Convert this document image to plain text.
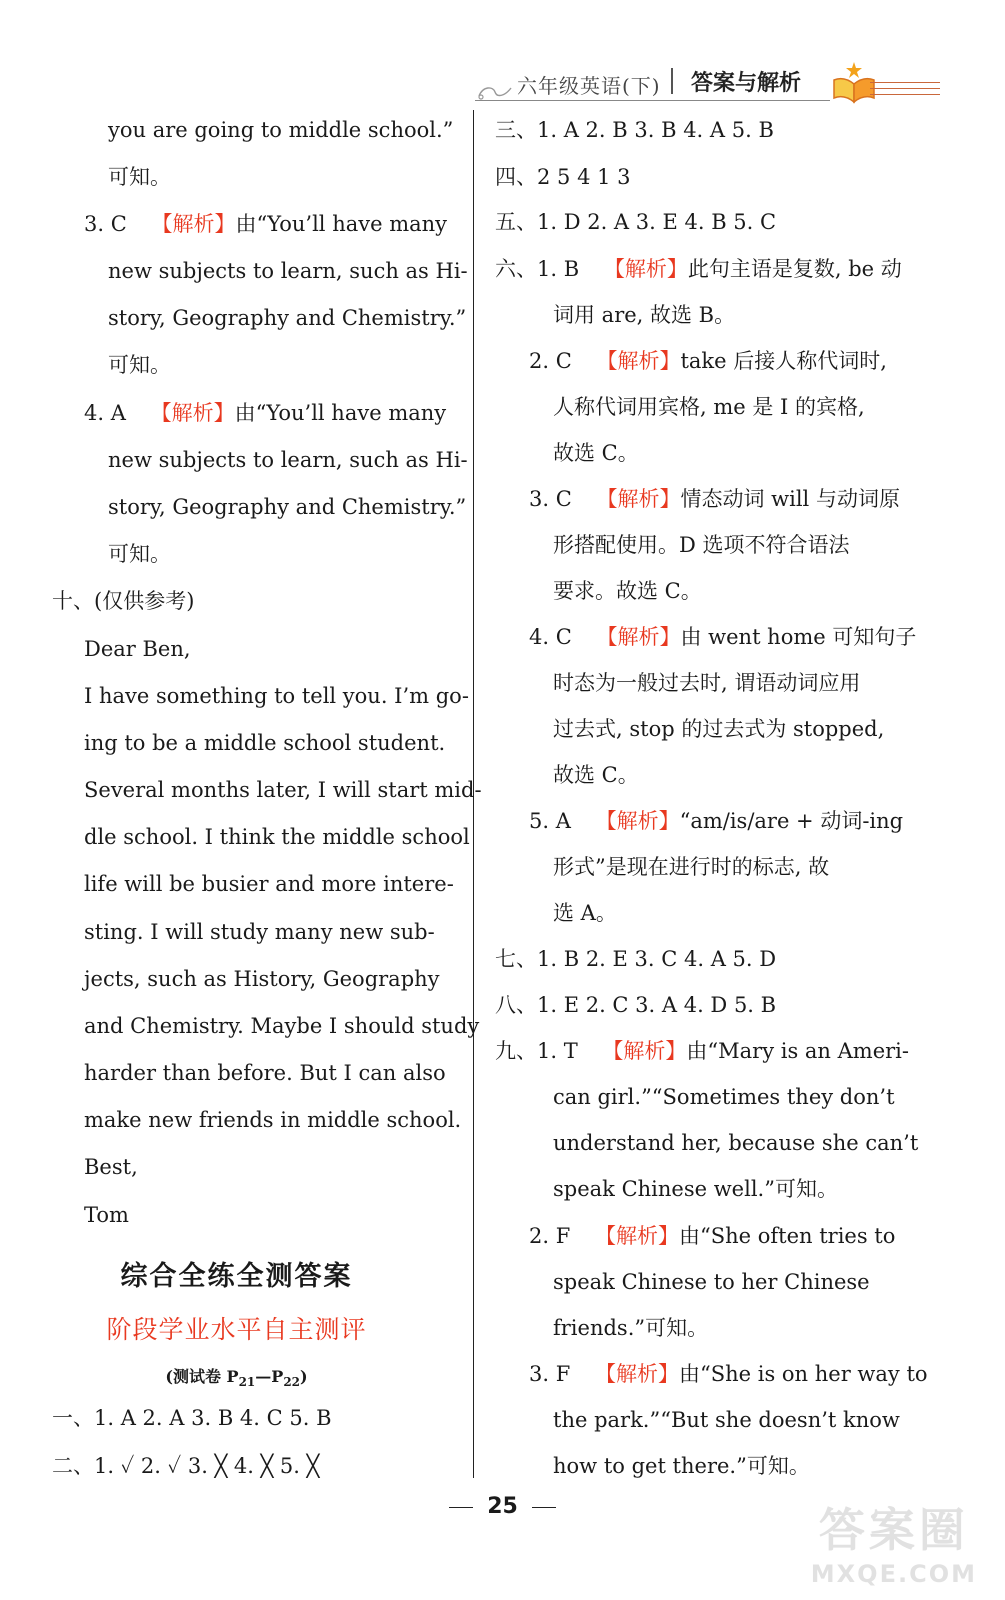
六年级英语(下) 答案与解析
you are going to middle school.”
可知。
3. C 【解析】由“You’ll have many
new subjects to learn, such as Hi-
story, Geography and Chemistry.”
可知。
4. A 【解析】由“You’ll have many
new subjects to learn, such as Hi-
story, Geography and Chemistry.”
可知。
十、(仅供参考)
Dear Ben,
I have something to tell you. I’m go-
ing to be a middle school student.
Several months later, I will start mid-
dle school. I think the middle school
life will be busier and more intere-
sting. I will study many new sub-
jects, such as History, Geography
and Chemistry. Maybe I should study
harder than before. But I can also
make new friends in middle school.
Best,
Tom
综合全练全测答案
阶段学业水平自主测评
(测试卷 $P_{21}—P_{22}$)
一、1. A 2. A 3. B 4. C 5. B
二、1. ✓ 2. ✓ 3. ╳ 4. ╳ 5. ╳
三、1. A 2. B 3. B 4. A 5. B
四、2 5 4 1 3
五、1. D 2. A 3. E 4. B 5. C
六、1. B 【解析】此句主语是复数, be 动
词用 are, 故选 B。
2. C 【解析】take 后接人称代词时,
人称代词用宾格, me 是 I 的宾格,
故选 C。
3. C 【解析】情态动词 will 与动词原
形搭配使用。D 选项不符合语法
要求。故选 C。
4. C 【解析】由 went home 可知句子
时态为一般过去时, 谓语动词应用
过去式, stop 的过去式为 stopped,
故选 C。
5. A 【解析】“am/is/are + 动词-ing
形式”是现在进行时的标志, 故
选 A。
七、1. B 2. E 3. C 4. A 5. D
八、1. E 2. C 3. A 4. D 5. B
九、1. T 【解析】由“Mary is an Ameri-
can girl.”“Sometimes they don’t
understand her, because she can’t
speak Chinese well.”可知。
2. F 【解析】由“She often tries to
speak Chinese to her Chinese
friends.”可知。
3. F 【解析】由“She is on her way to
the park.”“But she doesn’t know
how to get there.”可知。
25	答案圈
MXQE.COM
